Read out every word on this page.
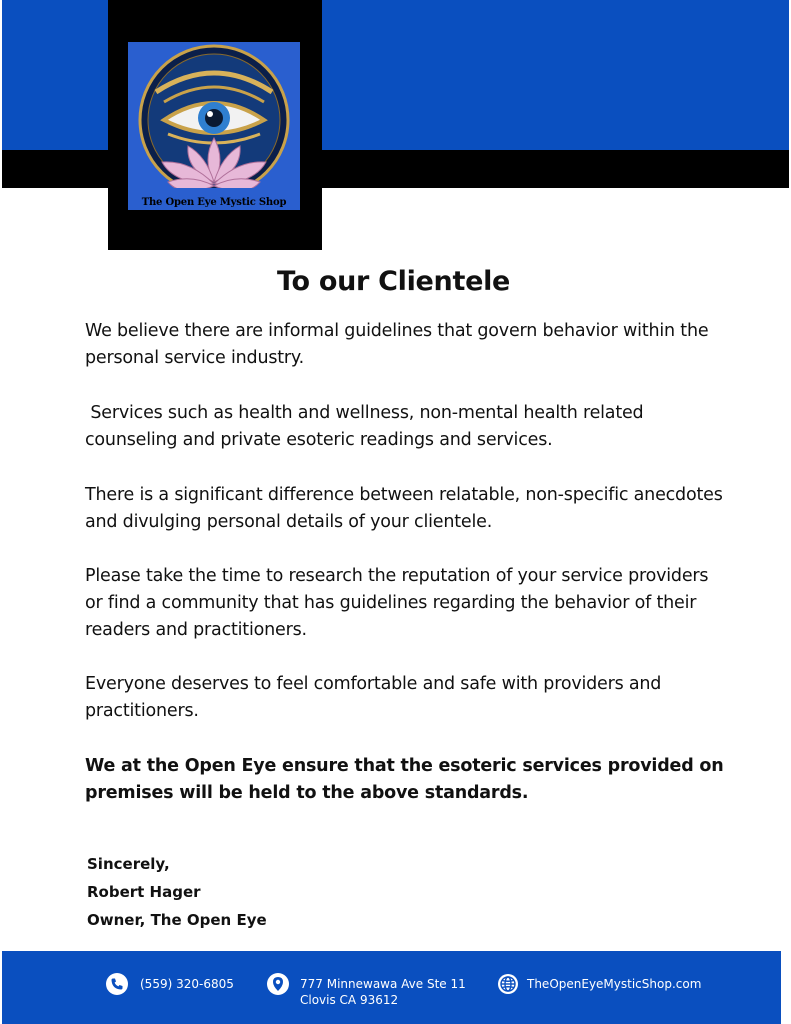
The Open Eye Mystic Shop
To our Clientele

We believe there are informal guidelines that govern behavior within the personal service industry.

Services such as health and wellness, non-mental health related counseling and private esoteric readings and services.

There is a significant difference between relatable, non-specific anecdotes and divulging personal details of your clientele.

Please take the time to research the reputation of your service providers or find a community that has guidelines regarding the behavior of their readers and practitioners.

Everyone deserves to feel comfortable and safe with providers and practitioners.

We at the Open Eye ensure that the esoteric services provided on premises will be held to the above standards.

Sincerely,
Robert Hager
Owner, The Open Eye
(559) 320-6805	777 Minnewawa Ave Ste 11
Clovis CA 93612
TheOpenEyeMysticShop.com
